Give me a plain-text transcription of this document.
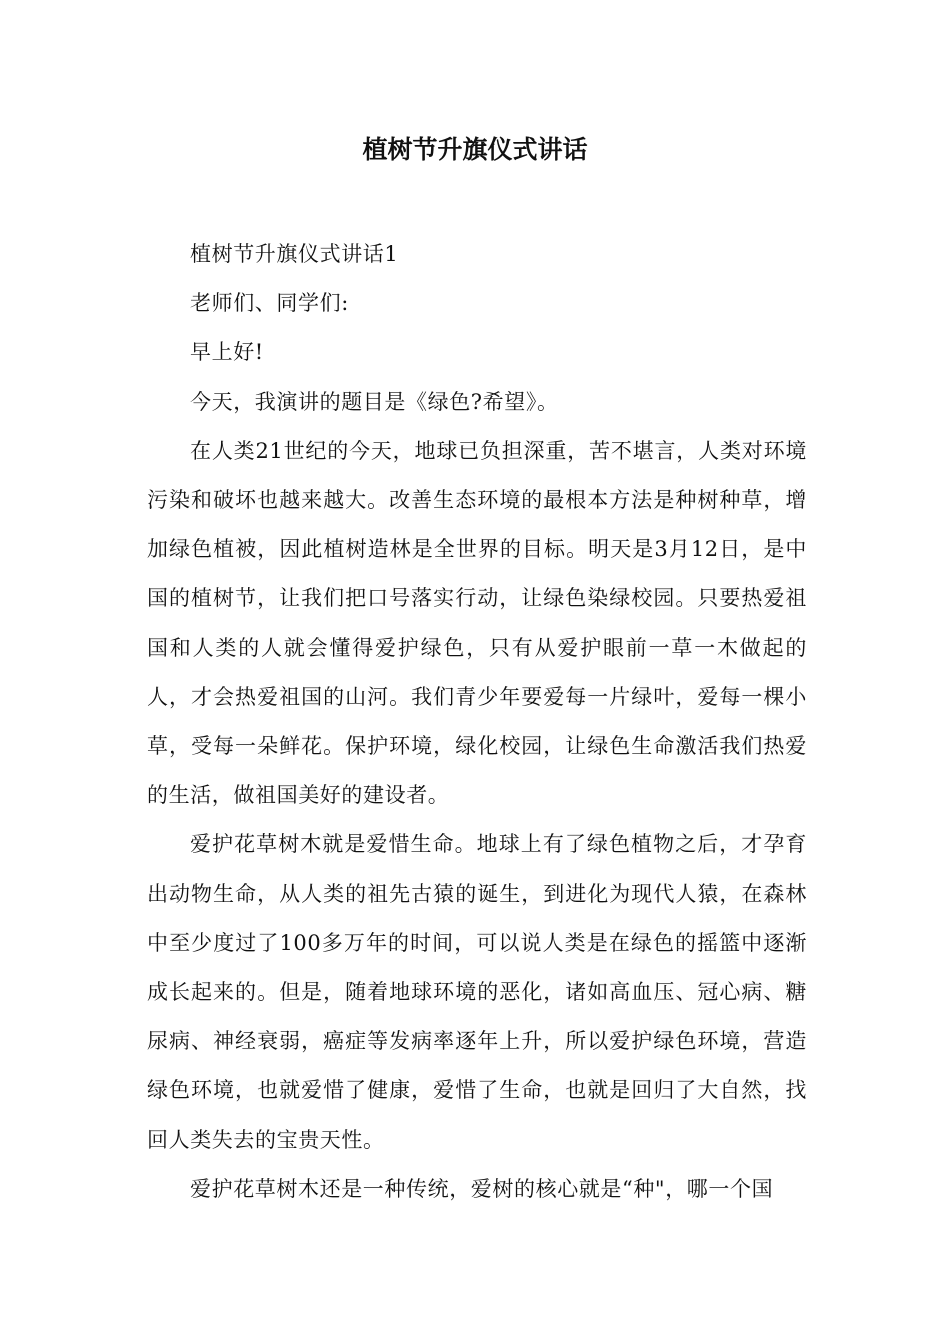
植树节升旗仪式讲话

植树节升旗仪式讲话1

老师们、同学们:

早上好!

今天，我演讲的题目是《绿色?希望》。

在人类21世纪的今天，地球已负担深重，苦不堪言，人类对环境污染和破坏也越来越大。改善生态环境的最根本方法是种树种草，增加绿色植被，因此植树造林是全世界的目标。明天是3月12日，是中国的植树节，让我们把口号落实行动，让绿色染绿校园。只要热爱祖国和人类的人就会懂得爱护绿色，只有从爱护眼前一草一木做起的人，才会热爱祖国的山河。我们青少年要爱每一片绿叶，爱每一棵小草，受每一朵鲜花。保护环境，绿化校园，让绿色生命激活我们热爱的生活，做祖国美好的建设者。

爱护花草树木就是爱惜生命。地球上有了绿色植物之后，才孕育出动物生命，从人类的祖先古猿的诞生，到进化为现代人猿，在森林中至少度过了100多万年的时间，可以说人类是在绿色的摇篮中逐渐成长起来的。但是，随着地球环境的恶化，诸如高血压、冠心病、糖尿病、神经衰弱，癌症等发病率逐年上升，所以爱护绿色环境，营造绿色环境，也就爱惜了健康，爱惜了生命，也就是回归了大自然，找回人类失去的宝贵天性。

爱护花草树木还是一种传统，爱树的核心就是“种"，哪一个国
